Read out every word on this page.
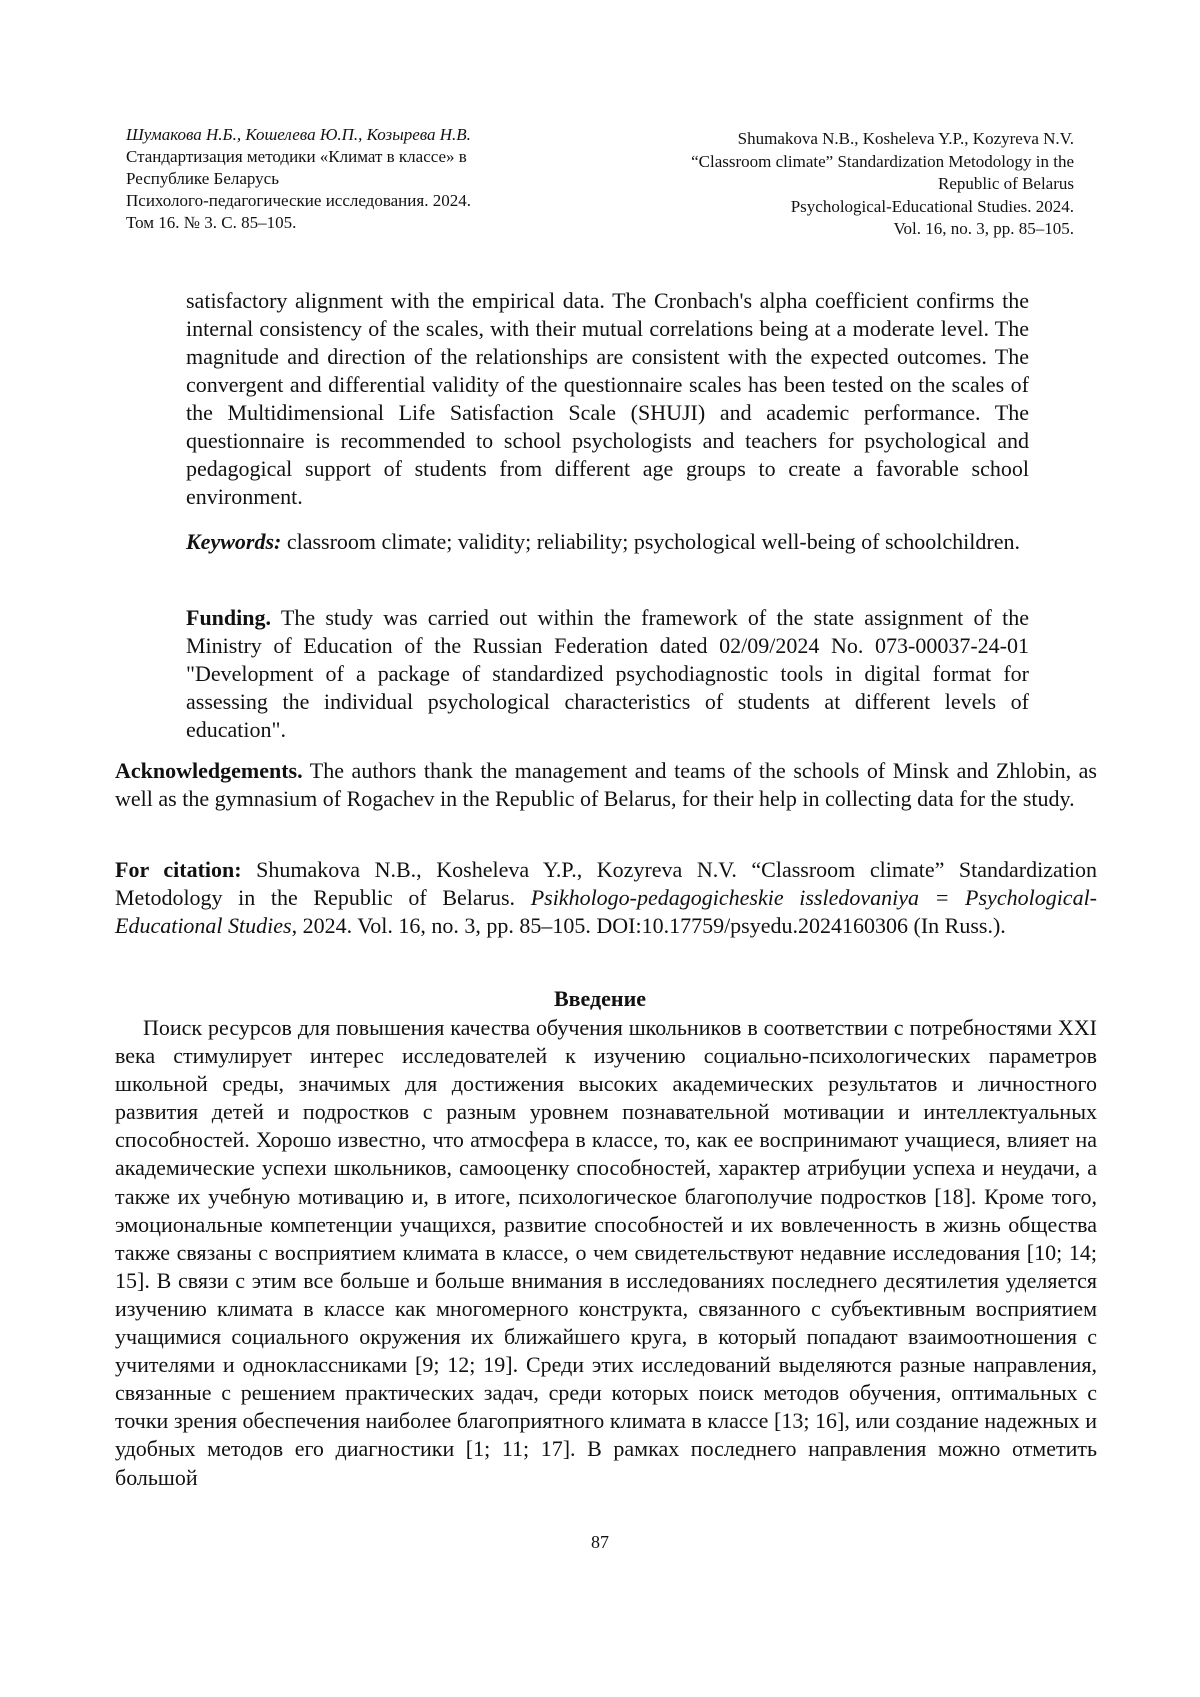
Шумакова Н.Б., Кошелева Ю.П., Козырева Н.В.
Стандартизация методики «Климат в классе» в
Республике Беларусь
Психолого-педагогические исследования. 2024.
Том 16. № 3. С. 85–105.
Shumakova N.B., Kosheleva Y.P., Kozyreva N.V.
“Classroom climate” Standardization Metodology in the
Republic of Belarus
Psychological-Educational Studies. 2024.
Vol. 16, no. 3, pp. 85–105.

satisfactory alignment with the empirical data. The Cronbach's alpha coefficient confirms the internal consistency of the scales, with their mutual correlations being at a moderate level. The magnitude and direction of the relationships are consistent with the expected outcomes. The convergent and differential validity of the questionnaire scales has been tested on the scales of the Multidimensional Life Satisfaction Scale (SHUJI) and academic performance. The questionnaire is recommended to school psychologists and teachers for psychological and pedagogical support of students from different age groups to create a favorable school environment.

Keywords: classroom climate; validity; reliability; psychological well-being of schoolchildren.

Funding. The study was carried out within the framework of the state assignment of the Ministry of Education of the Russian Federation dated 02/09/2024 No. 073-00037-24-01 "Development of a package of standardized psychodiagnostic tools in digital format for assessing the individual psychological characteristics of students at different levels of education".

Acknowledgements. The authors thank the management and teams of the schools of Minsk and Zhlobin, as well as the gymnasium of Rogachev in the Republic of Belarus, for their help in collecting data for the study.

For citation: Shumakova N.B., Kosheleva Y.P., Kozyreva N.V. “Classroom climate” Standardization Metodology in the Republic of Belarus. Psikhologo-pedagogicheskie issledovaniya = Psychological-Educational Studies, 2024. Vol. 16, no. 3, pp. 85–105. DOI:10.17759/psyedu.2024160306 (In Russ.).

Введение

Поиск ресурсов для повышения качества обучения школьников в соответствии с потребностями XXI века стимулирует интерес исследователей к изучению социально-психологических параметров школьной среды, значимых для достижения высоких академических результатов и личностного развития детей и подростков с разным уровнем познавательной мотивации и интеллектуальных способностей. Хорошо известно, что атмосфера в классе, то, как ее воспринимают учащиеся, влияет на академические успехи школьников, самооценку способностей, характер атрибуции успеха и неудачи, а также их учебную мотивацию и, в итоге, психологическое благополучие подростков [18]. Кроме того, эмоциональные компетенции учащихся, развитие способностей и их вовлеченность в жизнь общества также связаны с восприятием климата в классе, о чем свидетельствуют недавние исследования [10; 14; 15]. В связи с этим все больше и больше внимания в исследованиях последнего десятилетия уделяется изучению климата в классе как многомерного конструкта, связанного с субъективным восприятием учащимися социального окружения их ближайшего круга, в который попадают взаимоотношения с учителями и одноклассниками [9; 12; 19]. Среди этих исследований выделяются разные направления, связанные с решением практических задач, среди которых поиск методов обучения, оптимальных с точки зрения обеспечения наиболее благоприятного климата в классе [13; 16], или создание надежных и удобных методов его диагностики [1; 11; 17]. В рамках последнего направления можно отметить большой

87
